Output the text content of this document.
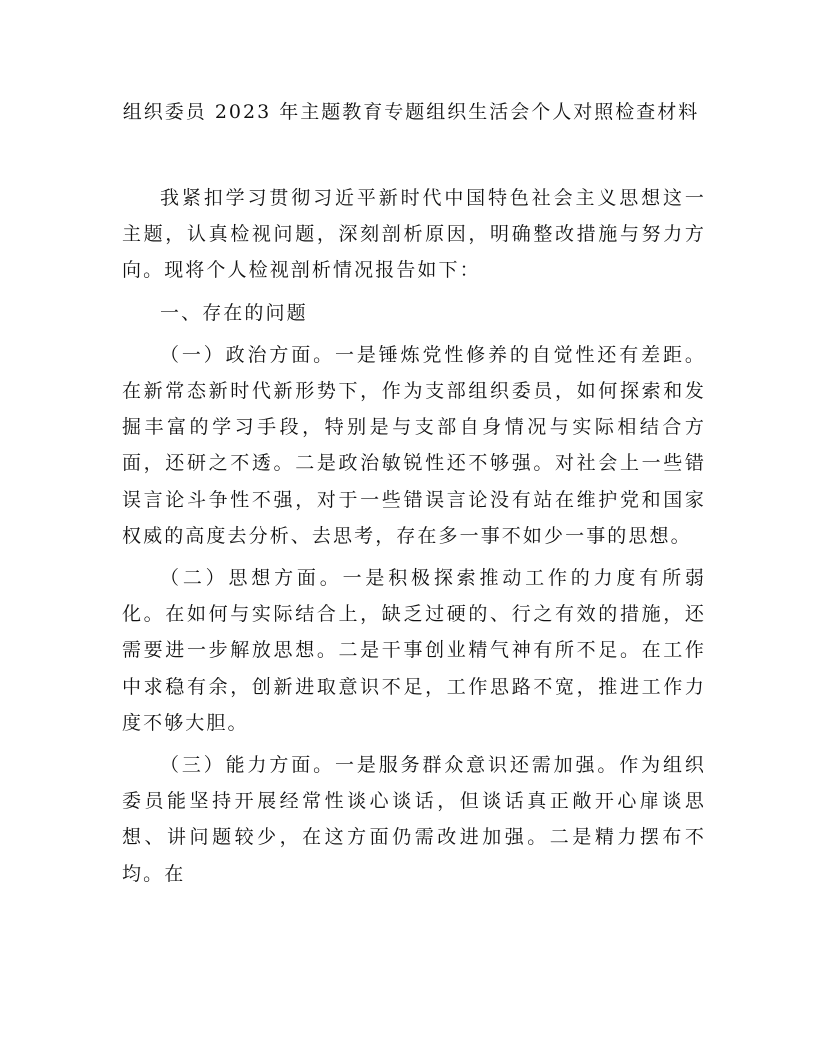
组织委员 2023 年主题教育专题组织生活会个人对照检查材料

我紧扣学习贯彻习近平新时代中国特色社会主义思想这一主题，认真检视问题，深刻剖析原因，明确整改措施与努力方向。现将个人检视剖析情况报告如下：

一、存在的问题

（一）政治方面。一是锤炼党性修养的自觉性还有差距。在新常态新时代新形势下，作为支部组织委员，如何探索和发掘丰富的学习手段，特别是与支部自身情况与实际相结合方面，还研之不透。二是政治敏锐性还不够强。对社会上一些错误言论斗争性不强，对于一些错误言论没有站在维护党和国家权威的高度去分析、去思考，存在多一事不如少一事的思想。

（二）思想方面。一是积极探索推动工作的力度有所弱化。在如何与实际结合上，缺乏过硬的、行之有效的措施，还需要进一步解放思想。二是干事创业精气神有所不足。在工作中求稳有余，创新进取意识不足，工作思路不宽，推进工作力度不够大胆。

（三）能力方面。一是服务群众意识还需加强。作为组织委员能坚持开展经常性谈心谈话，但谈话真正敞开心扉谈思想、讲问题较少，在这方面仍需改进加强。二是精力摆布不均。在
